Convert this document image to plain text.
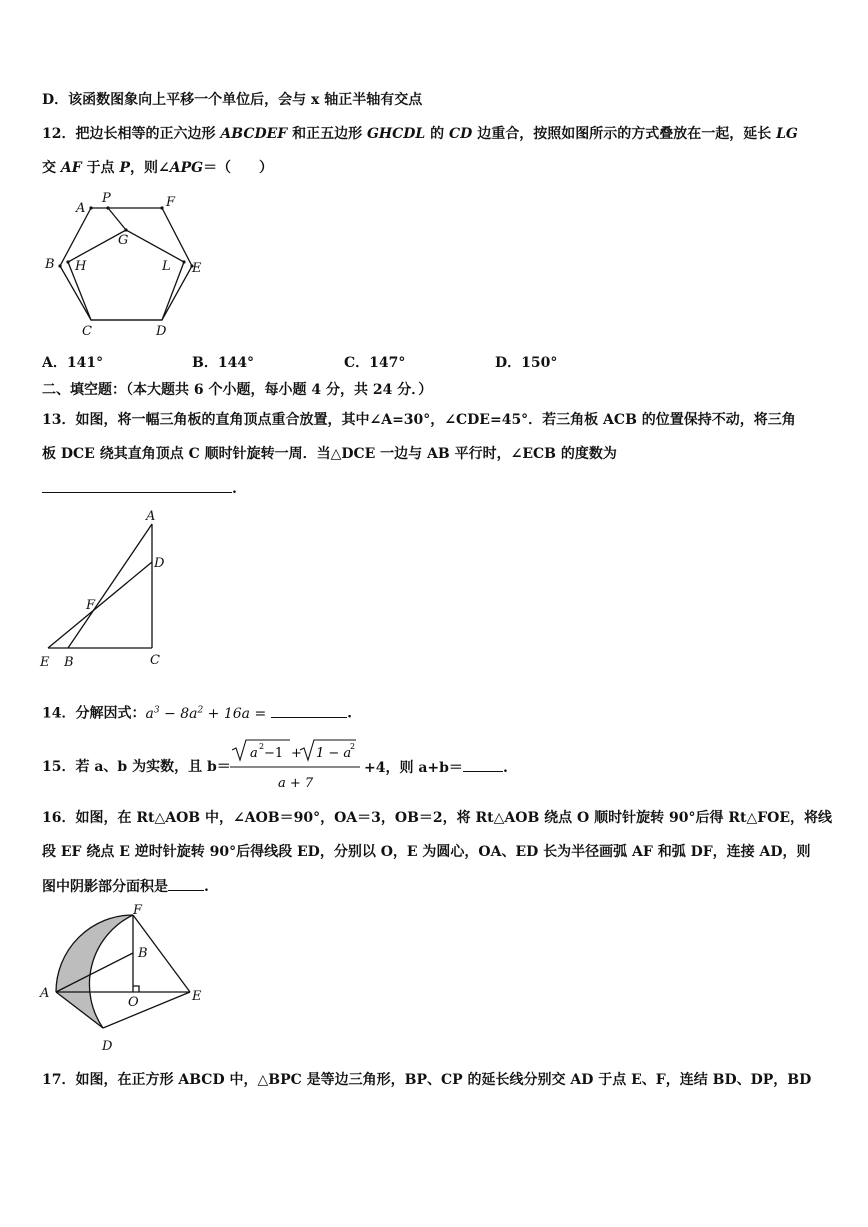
D．该函数图象向上平移一个单位后，会与 x 轴正半轴有交点
12．把边长相等的正六边形 ABCDEF 和正五边形 GHCDL 的 CD 边重合，按照如图所示的方式叠放在一起，延长 LG
交 AF 于点 P，则∠APG＝（　　）
A
P	F
G
B H	L E
C	D
A．141°	B．144°	C．147°	D．150°
二、填空题：（本大题共 6 个小题，每小题 4 分，共 24 分．）
13．如图，将一幅三角板的直角顶点重合放置，其中∠A=30°，∠CDE=45°．若三角板 ACB 的位置保持不动，将三角
板 DCE 绕其直角顶点 C 顺时针旋转一周．当△DCE 一边与 AB 平行时，∠ECB 的度数为
.
A
D
F
E B	C
14．分解因式：$a^3 - 8a^2 + 16a$ =	.
15．若 a、b 为实数，且 b＝
a 2 −1 + 1 − a
2
a + 7
+4，则 a+b＝	.
16．如图，在 Rt△AOB 中，∠AOB＝90°，OA＝3，OB＝2，将 Rt△AOB 绕点 O 顺时针旋转 90°后得 Rt△FOE，将线
段 EF 绕点 E 逆时针旋转 90°后得线段 ED，分别以 O，E 为圆心，OA、ED 长为半径画弧 AF 和弧 DF，连接 AD，则
图中阴影部分面积是	.
F
B
A
O	E
D
17．如图，在正方形 ABCD 中，△BPC 是等边三角形，BP、CP 的延长线分别交 AD 于点 E、F，连结 BD、DP，BD
